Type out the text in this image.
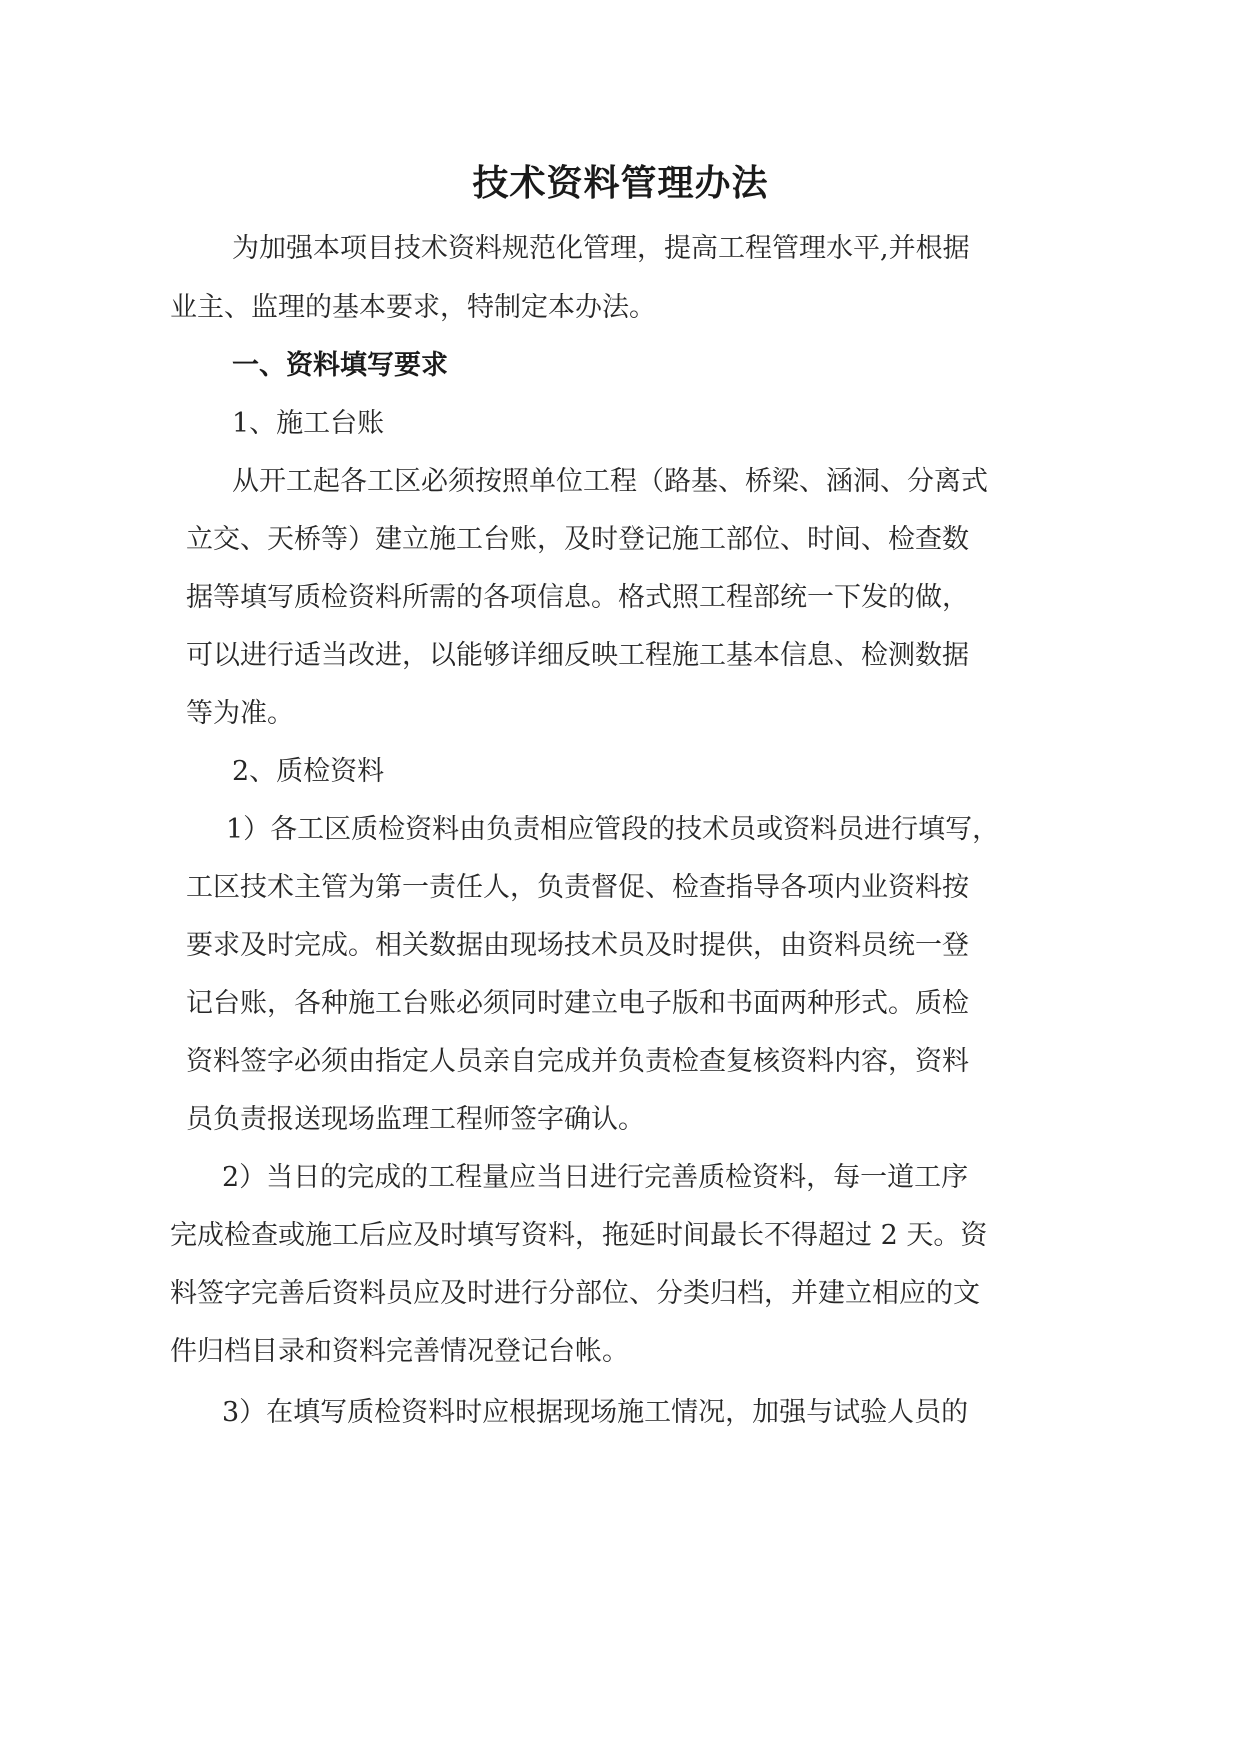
技术资料管理办法
为加强本项目技术资料规范化管理，提高工程管理水平,并根据
业主、监理的基本要求，特制定本办法。
一、资料填写要求
1、施工台账
从开工起各工区必须按照单位工程（路基、桥梁、涵洞、分离式
立交、天桥等）建立施工台账，及时登记施工部位、时间、检查数
据等填写质检资料所需的各项信息。格式照工程部统一下发的做，
可以进行适当改进，以能够详细反映工程施工基本信息、检测数据
等为准。
2、质检资料
1）各工区质检资料由负责相应管段的技术员或资料员进行填写，
工区技术主管为第一责任人，负责督促、检查指导各项内业资料按
要求及时完成。相关数据由现场技术员及时提供，由资料员统一登
记台账，各种施工台账必须同时建立电子版和书面两种形式。质检
资料签字必须由指定人员亲自完成并负责检查复核资料内容，资料
员负责报送现场监理工程师签字确认。
2）当日的完成的工程量应当日进行完善质检资料，每一道工序
完成检查或施工后应及时填写资料，拖延时间最长不得超过 2 天。资
料签字完善后资料员应及时进行分部位、分类归档，并建立相应的文
件归档目录和资料完善情况登记台帐。
3）在填写质检资料时应根据现场施工情况，加强与试验人员的
